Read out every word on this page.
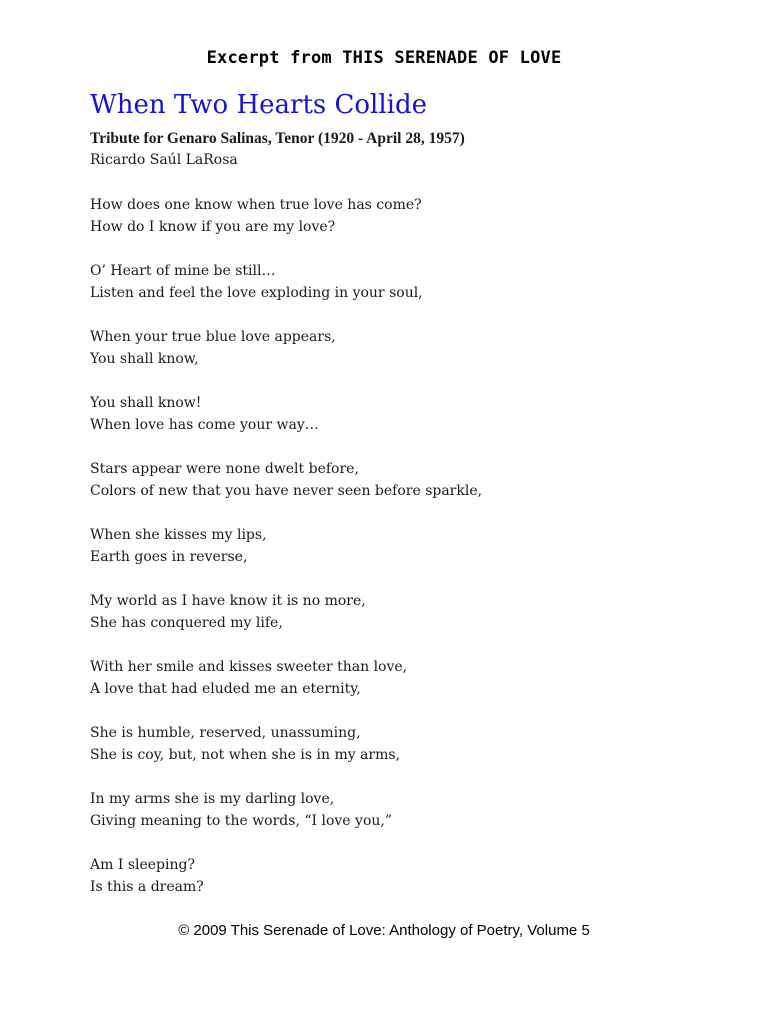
Excerpt from THIS SERENADE OF LOVE
When Two Hearts Collide
Tribute for Genaro Salinas, Tenor (1920 - April 28, 1957)
Ricardo Saúl LaRosa
How does one know when true love has come?
How do I know if you are my love?
O’ Heart of mine be still…
Listen and feel the love exploding in your soul,
When your true blue love appears,
You shall know,
You shall know!
When love has come your way…
Stars appear were none dwelt before,
Colors of new that you have never seen before sparkle,
When she kisses my lips,
Earth goes in reverse,
My world as I have know it is no more,
She has conquered my life,
With her smile and kisses sweeter than love,
A love that had eluded me an eternity,
She is humble, reserved, unassuming,
She is coy, but, not when she is in my arms,
In my arms she is my darling love,
Giving meaning to the words, “I love you,”
Am I sleeping?
Is this a dream?
© 2009 This Serenade of Love: Anthology of Poetry, Volume 5
